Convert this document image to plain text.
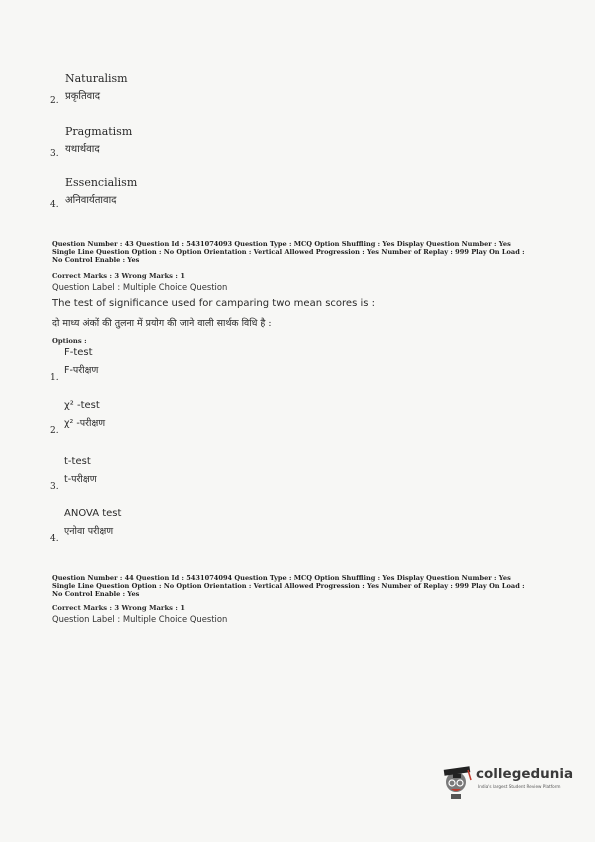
Naturalism
प्रकृतिवाद
2.
Pragmatism
यथार्थवाद
3.
Essencialism
अनिवार्यतावाद
4.
Question Number : 43 Question Id : 5431074093 Question Type : MCQ Option Shuffling : Yes Display Question Number : Yes
Single Line Question Option : No Option Orientation : Vertical Allowed Progression : Yes Number of Replay : 999 Play On Load :
No Control Enable : Yes
Correct Marks : 3 Wrong Marks : 1
Question Label : Multiple Choice Question
The test of significance used for camparing two mean scores is :
दो माध्य अंकों की तुलना में प्रयोग की जाने वाली सार्थक विधि है :
Options :
F-test
F-परीक्षण
1.
χ² -test
χ² -परीक्षण
2.
t-test
t-परीक्षण
3.
ANOVA test
एनोवा परीक्षण
4.
Question Number : 44 Question Id : 5431074094 Question Type : MCQ Option Shuffling : Yes Display Question Number : Yes
Single Line Question Option : No Option Orientation : Vertical Allowed Progression : Yes Number of Replay : 999 Play On Load :
No Control Enable : Yes
Correct Marks : 3 Wrong Marks : 1
Question Label : Multiple Choice Question
collegedunia
India's largest Student Review Platform
